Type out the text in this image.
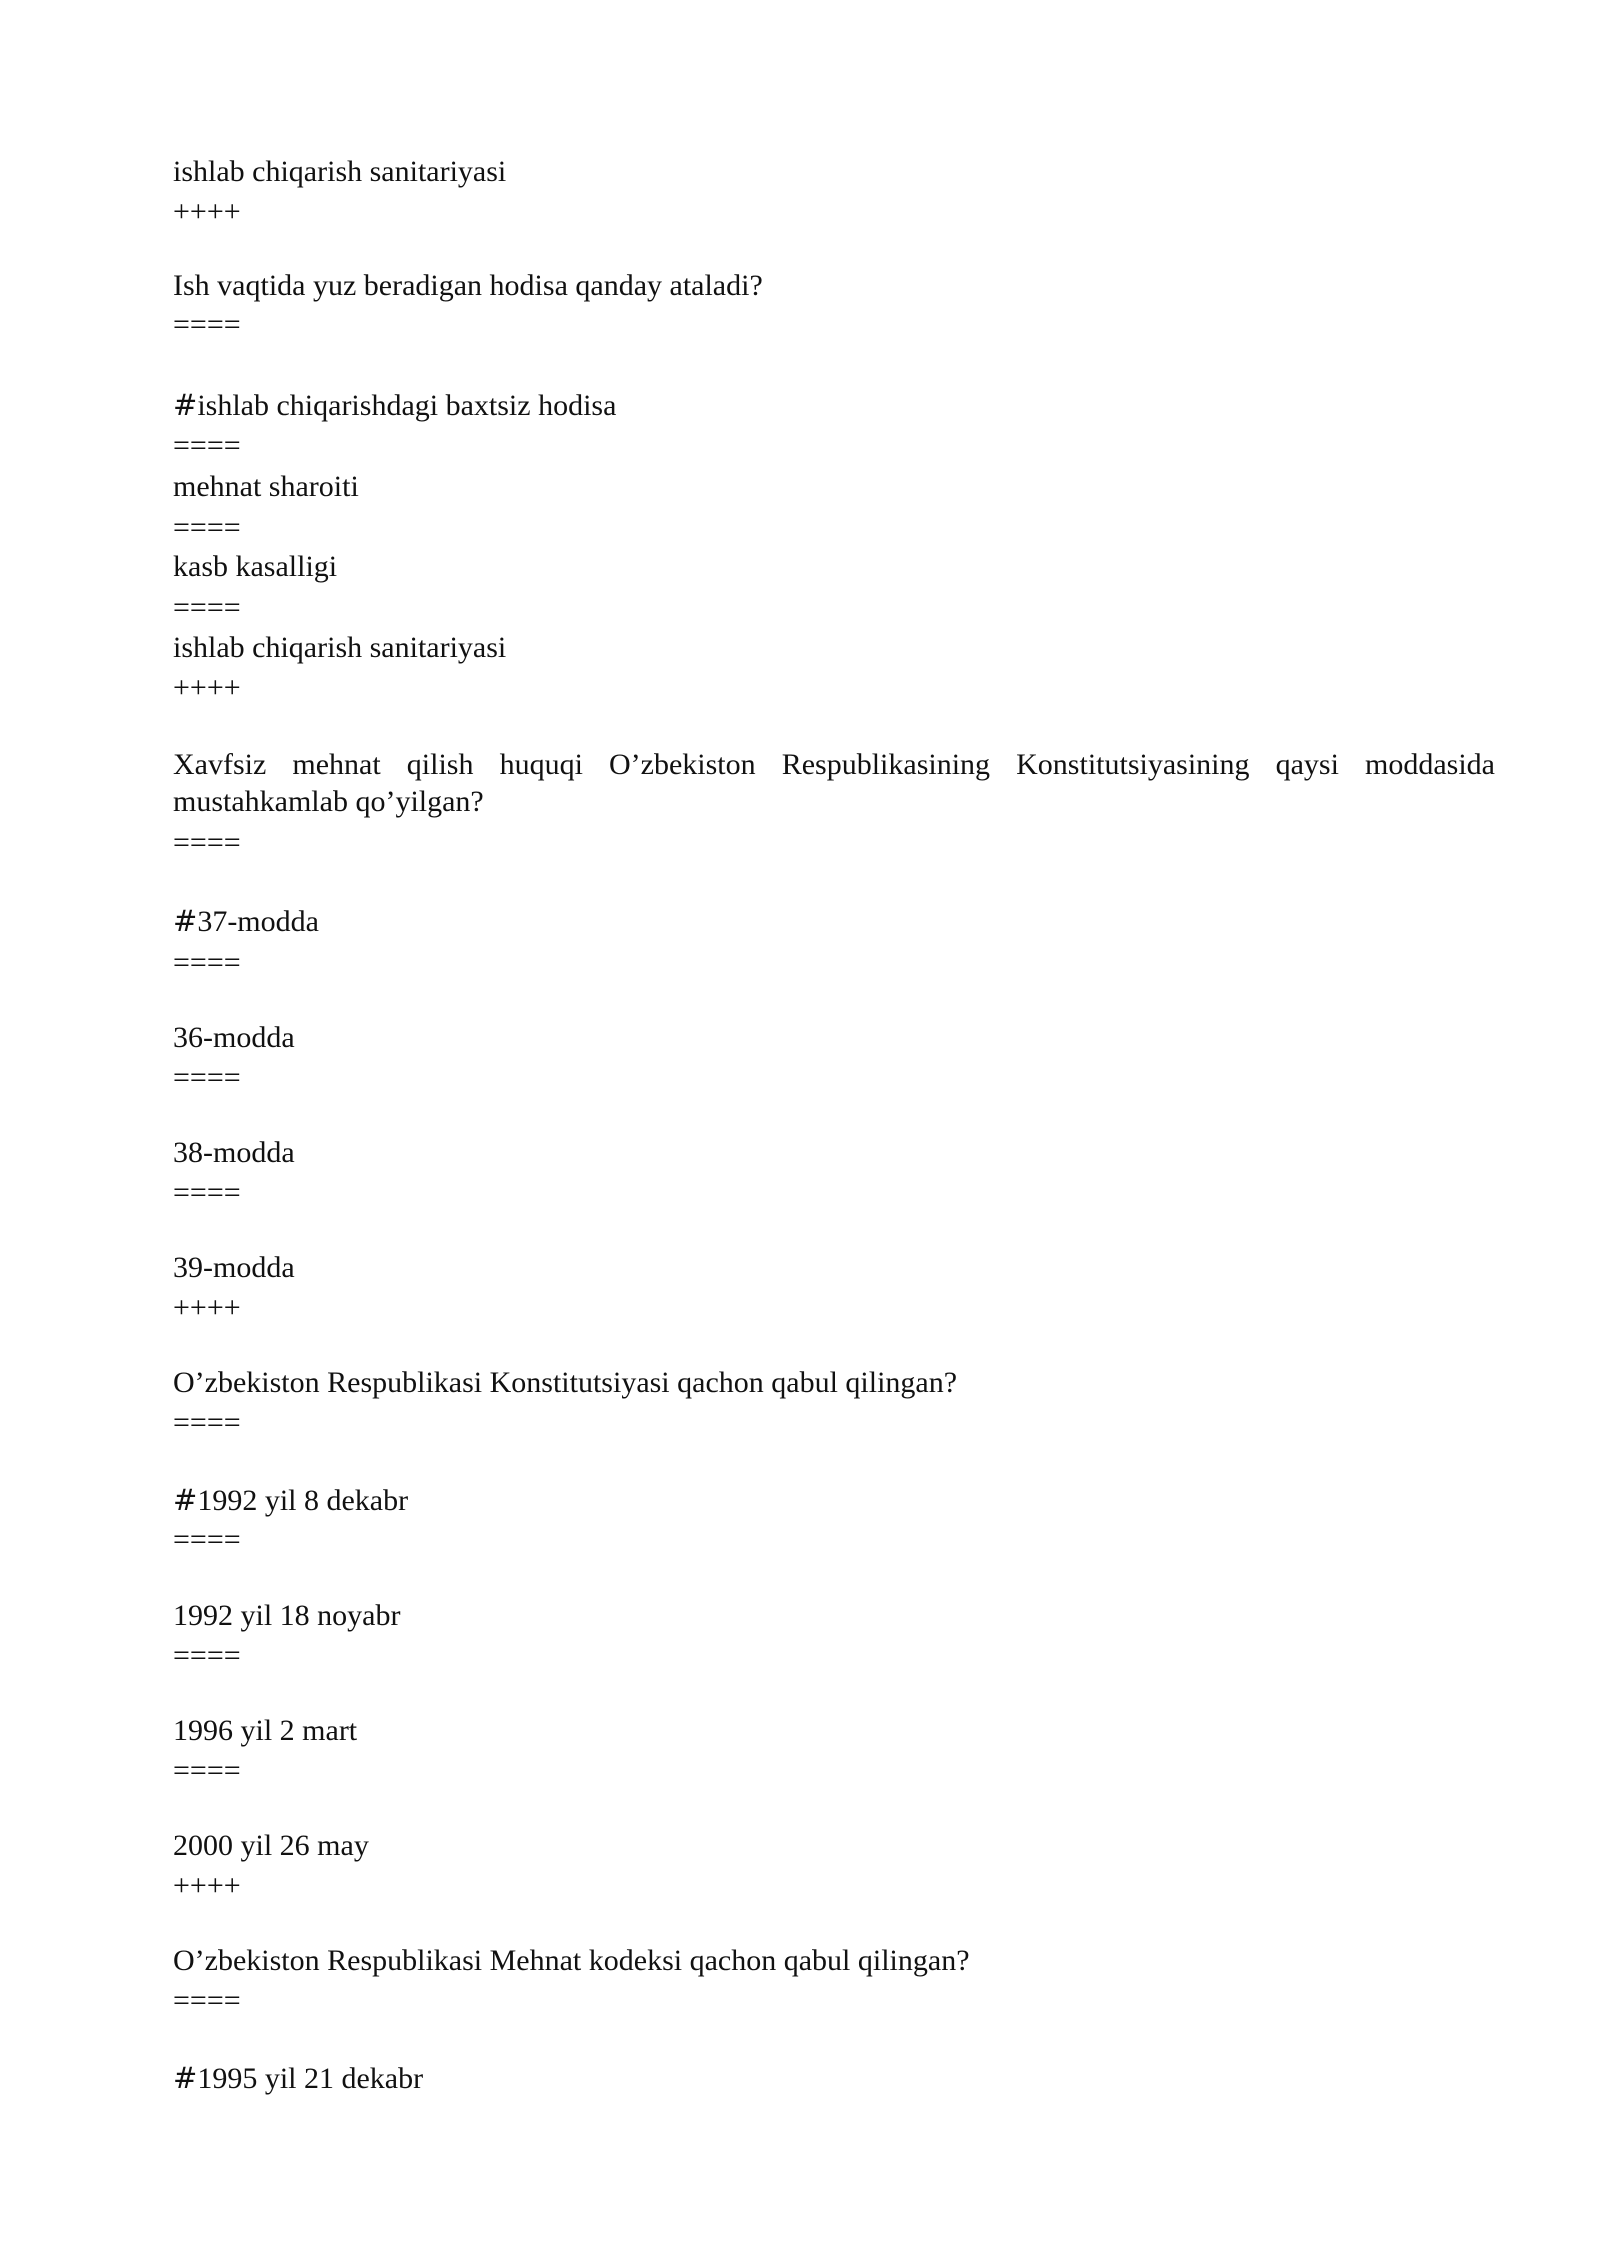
ishlab chiqarish sanitariyasi

++++

Ish vaqtida yuz beradigan hodisa qanday ataladi?

====

#ishlab chiqarishdagi baxtsiz hodisa

====

mehnat sharoiti

====

kasb kasalligi

====

ishlab chiqarish sanitariyasi

++++

Xavfsiz mehnat qilish huquqi O’zbekiston Respublikasining Konstitutsiyasining qaysi moddasida mustahkamlab qo’yilgan?

====

#37-modda

====

36-modda

====

38-modda

====

39-modda

++++

O’zbekiston Respublikasi Konstitutsiyasi qachon qabul qilingan?

====

#1992 yil 8 dekabr

====

1992 yil 18 noyabr

====

1996 yil 2 mart

====

2000 yil 26 may

++++

O’zbekiston Respublikasi Mehnat kodeksi qachon qabul qilingan?

====

#1995 yil 21 dekabr
